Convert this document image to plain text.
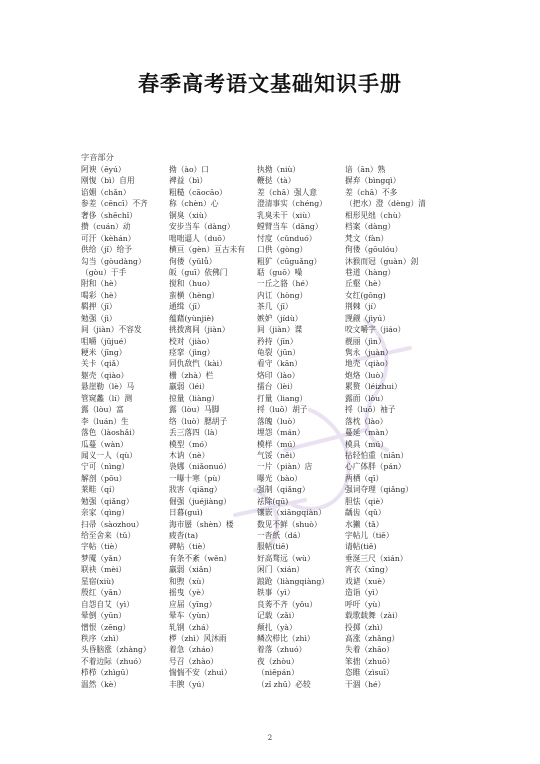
春季高考语文基础知识手册
字音部分
阿谀（ēyú）
刚愎（bì）自用
谄媚（chǎn）
参差（cēncī）不齐
奢侈（shēchǐ）
攒（cuán）动
可汗（kèhán）
供给（jǐ）给予
勾当（gòudàng）
（gòu）于手
附和（hè）
喝彩（hè）
羁押（jī）
勉强（jì）
间（jiàn）不容发
咀嚼（jǔjué）
粳米（jīng）
关卡（qiǎ）
躯壳（qiào）
悬崖勒（lè）马
管窥蠡（lí）测
露（lòu）富
李（luán）生
落色（làoshǎi）
瓜蔓（wàn）
闻义一人（qù）
宁可（nìng）
解剖（pōu）
莱畦（qí）
勉强（qiǎng）
亲家（qìng）
扫帚（sàozhou）
给至舍来（tǔ）
字帖（tiè）
梦魇（yǎn）
联袂（mèi）
星宿(xiù)
殷红（yān）
自怨自艾（yì）
晕倒（yūn）
憎恨（zēng）
秩序（zhì）
头昏脑涨（zhàng）
不着边际（zhuó）
栉栉（zhìgū）
温然（kè）
拗（ào）口
裨益（bì）
粗糙（cāocāo）
称（chèn）心
铜臭（xiù）
安步当车（dàng）
咄咄逼人（duō）
横亘（gèn）亘古未有
佝偻（yǔlǚ）
皈（guī）依佛门
搅和（huo）
蛮横（hèng）
通缉（jī）
蕴藉(yùnjiè)
挑拨离间（jiàn）
校对（jiào）
痉挛（jìng）
同仇敌忾（kài）
栅（zhà）栏
羸弱（léi）
掠量（liàng）
露（lòu）马脚
络（luò）腮胡子
丢三落四（là）
模型（mó）
木讷（nè）
袅娜（niǎonuó）
一曝十寒（pù）
戕害（qiāng）
倔强（juéjiàng）
日暮(guì)
海市蜃（shèn）楼
疲沓(ta)
碑帖（tiè）
有条不紊（wěn）
羸弱（xiǎn）
和煦（xù）
摇曳（yè）
应届（yīng）
晕车（yùn）
轧钢（zhá）
椤（zhì）风沐雨
着急（zháo）
号召（zhào）
惴惴不安（zhuì）
丰腴（yú）
执拗（niù）
鞭挞（tà）
差（chā）强人意
澄清事实（chéng）
乳臭未干（xiù）
螳臂当车（dāng）
忖度（cǔnduó）
口供（gòng）
粗犷（cūguǎng）
聒（guō）噪
一丘之貉（hé）
内讧（hòng）
茶几（jī）
嫉妒（jídù）
间（jiàn）谍
矜持（jīn）
龟裂（jūn）
看守（kān）
烙印（lào）
擂台（lèi）
打量（liang）
捋（luō）胡子
落魄（luò）
埋怨（mán）
模样（mú）
气馁（něi）
一片（piàn）店
曝光（bào）
强制（qiǎng）
祛除(qū)
镶嵌（xiāngqiàn）
数见不鲜（shuò）
一沓纸（dá）
服帖(tiē)
好高骛远（wù）
闲门（xián）
踉跄（liàngqiàng）
轶事（yì）
良莠不齐（yǒu）
记载（zǎi）
颠扎（yà）
鳞次栉比（zhì）
着落（zhuó）
夜（zhòu）
（niēpán）
（zǐ zhū）必较
谙（ān）熟
摒弃（bìngqì）
差（chā）不多
（把水）澄（dèng）清
相形见绌（chù）
档案（dàng）
梵文（fàn）
佝偻（gōulóu）
沐猴而冠（guàn）刽
巷道（hàng）
丘壑（hè）
女红(gōng)
荆棘（jí）
觊觎（jìyú）
咬文嚼字（jiáo）
靓丽（jìn）
隽永（juàn）
地壳（qiào）
炮烙（luò）
累赘（léizhui）
露面（lòu）
捋（luō）袖子
落枕（lào）
蔓延（màn）
模具（mú）
拈轻怕重（niān）
心广体胖（pán）
两栖（qī）
强词夺理（qiǎng）
胆怯（qiè）
龋齿（qǔ）
水獭（tǎ）
字帖儿（tiě）
请帖(tiě)
垂涎三尺（xián）
宵衣（xīng）
戏谑（xuè）
造诣（yì）
呼吁（yù）
载歌载舞（zài）
投掷（zhì）
高涨（zhǎng）
失着（zhāo）
笨拙（zhuō）
恣睢（zìsuī）
干涸（hé）
2
